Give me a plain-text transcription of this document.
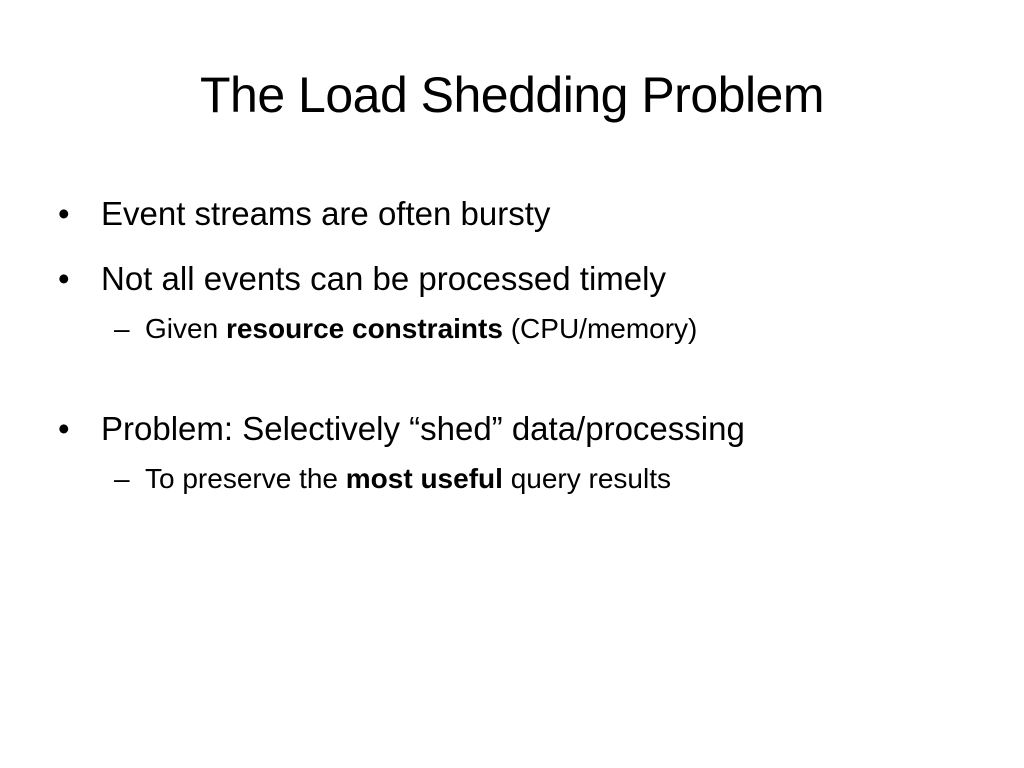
The Load Shedding Problem
• Event streams are often bursty
• Not all events can be processed timely
– Given resource constraints (CPU/memory)
• Problem: Selectively “shed” data/processing
– To preserve the most useful query results
